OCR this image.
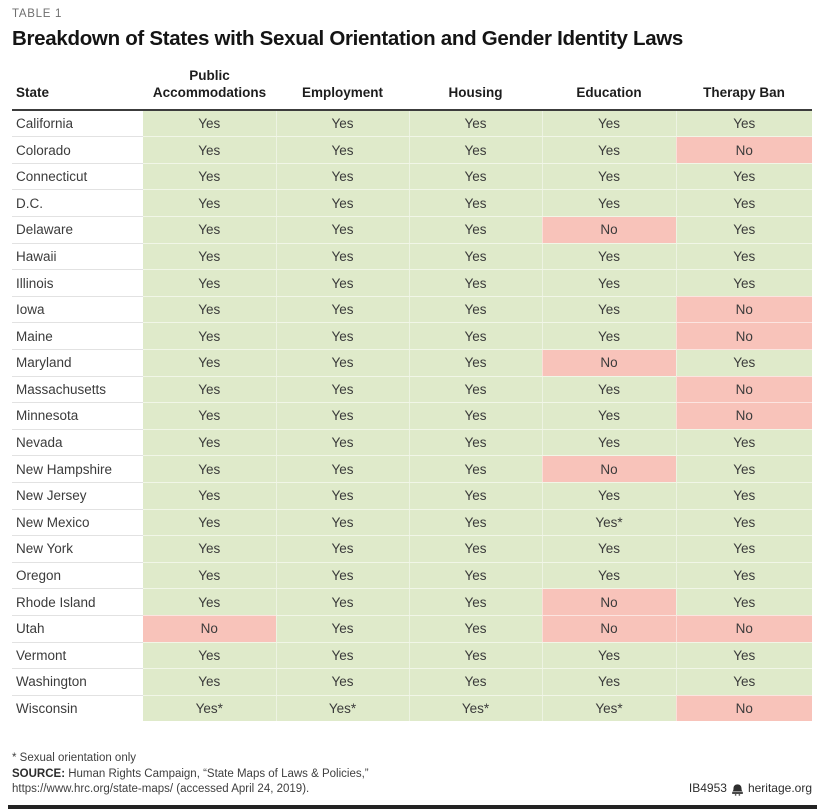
TABLE 1
Breakdown of States with Sexual Orientation and Gender Identity Laws
State	Public Accommodations	Employment	Housing	Education	Therapy Ban
California	Yes	Yes	Yes	Yes	Yes
Colorado	Yes	Yes	Yes	Yes	No
Connecticut	Yes	Yes	Yes	Yes	Yes
D.C.	Yes	Yes	Yes	Yes	Yes
Delaware	Yes	Yes	Yes	No	Yes
Hawaii	Yes	Yes	Yes	Yes	Yes
Illinois	Yes	Yes	Yes	Yes	Yes
Iowa	Yes	Yes	Yes	Yes	No
Maine	Yes	Yes	Yes	Yes	No
Maryland	Yes	Yes	Yes	No	Yes
Massachusetts	Yes	Yes	Yes	Yes	No
Minnesota	Yes	Yes	Yes	Yes	No
Nevada	Yes	Yes	Yes	Yes	Yes
New Hampshire	Yes	Yes	Yes	No	Yes
New Jersey	Yes	Yes	Yes	Yes	Yes
New Mexico	Yes	Yes	Yes	Yes*	Yes
New York	Yes	Yes	Yes	Yes	Yes
Oregon	Yes	Yes	Yes	Yes	Yes
Rhode Island	Yes	Yes	Yes	No	Yes
Utah	No	Yes	Yes	No	No
Vermont	Yes	Yes	Yes	Yes	Yes
Washington	Yes	Yes	Yes	Yes	Yes
Wisconsin	Yes*	Yes*	Yes*	Yes*	No
* Sexual orientation only
SOURCE: Human Rights Campaign, “State Maps of Laws & Policies,”
https://www.hrc.org/state-maps/ (accessed April 24, 2019).	IB4953 heritage.org
